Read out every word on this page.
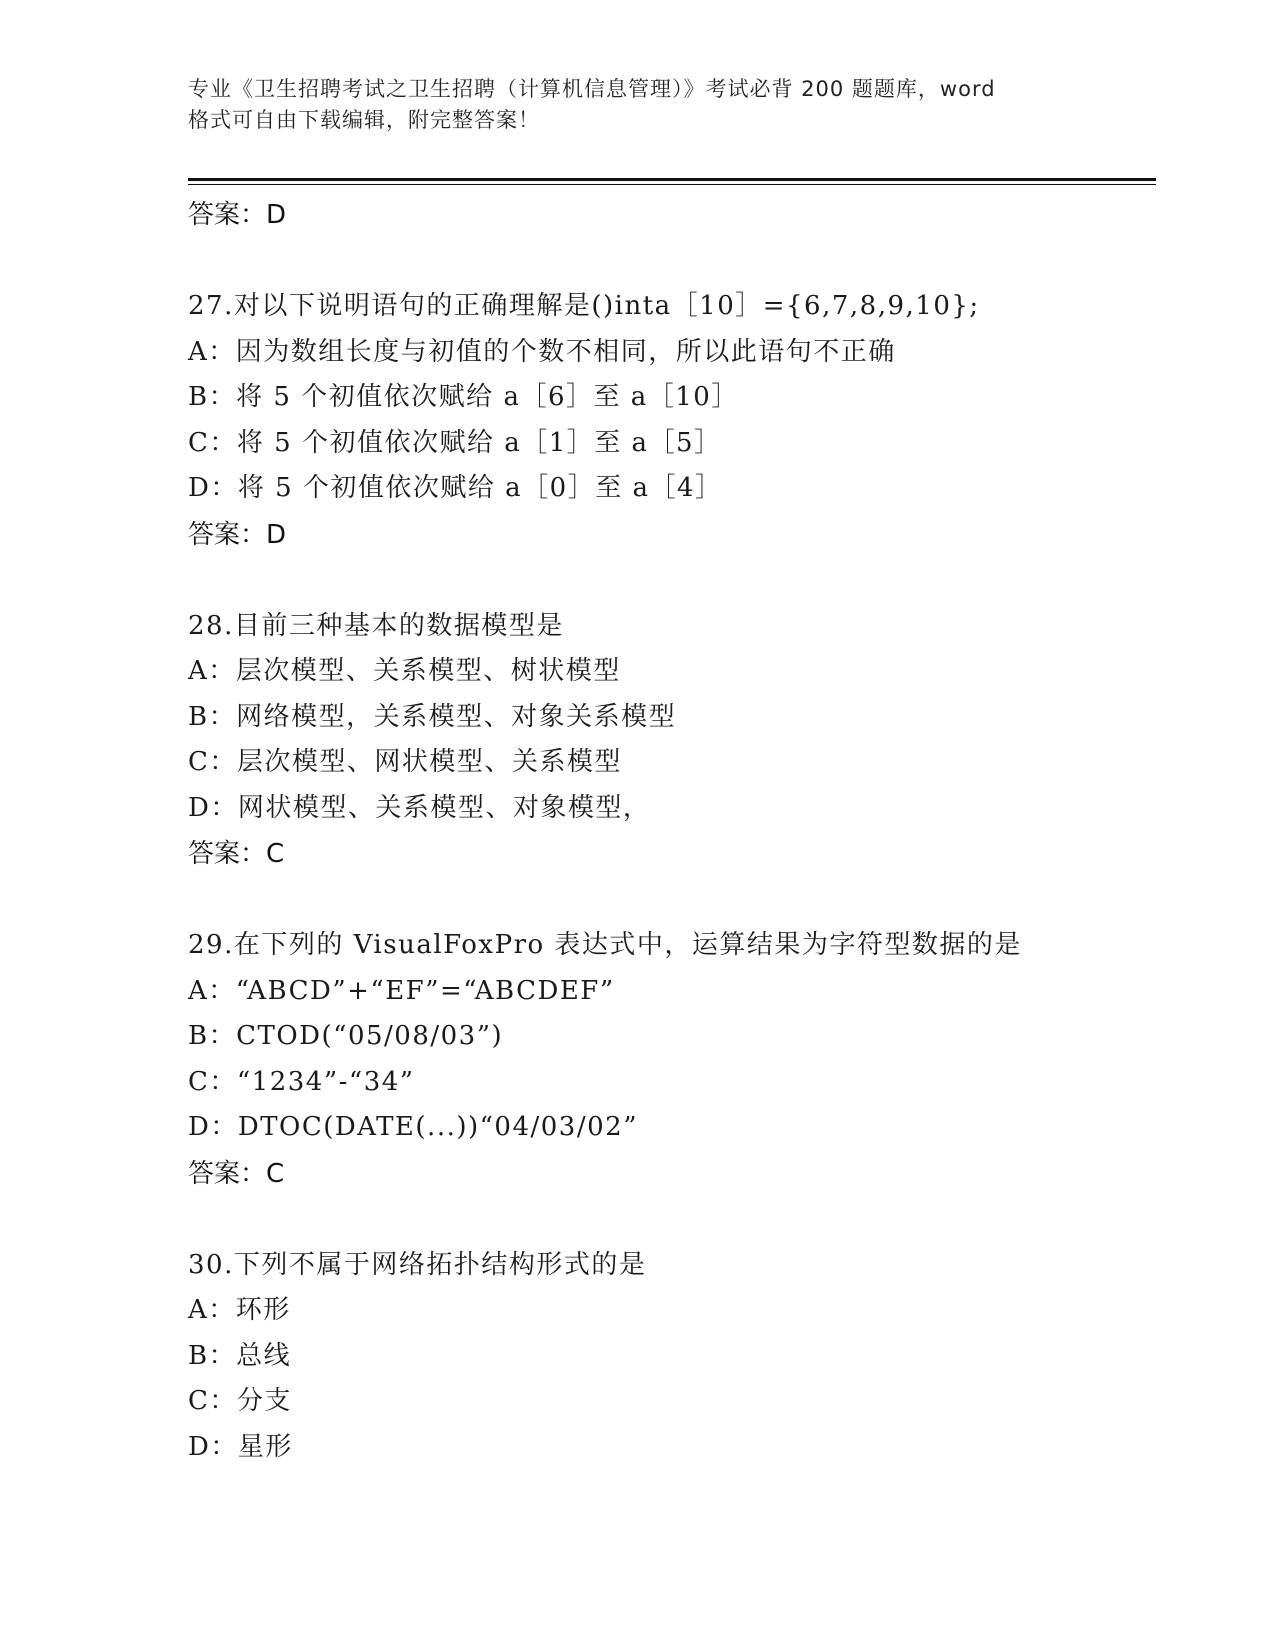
专业《卫生招聘考试之卫生招聘（计算机信息管理）》考试必背 200 题题库，word
格式可自由下载编辑，附完整答案！
答案：D
27.对以下说明语句的正确理解是()inta［10］={6,7,8,9,10};
A：因为数组长度与初值的个数不相同，所以此语句不正确
B：将 5 个初值依次赋给 a［6］至 a［10］
C：将 5 个初值依次赋给 a［1］至 a［5］
D：将 5 个初值依次赋给 a［0］至 a［4］
答案：D
28.目前三种基本的数据模型是
A：层次模型、关系模型、树状模型
B：网络模型，关系模型、对象关系模型
C：层次模型、网状模型、关系模型
D：网状模型、关系模型、对象模型，
答案：C
29.在下列的 VisualFoxPro 表达式中，运算结果为字符型数据的是
A：“ABCD”+“EF”=“ABCDEF”
B：CTOD(“05/08/03”)
C：“1234”-“34”
D：DTOC(DATE(...))“04/03/02”
答案：C
30.下列不属于网络拓扑结构形式的是
A：环形
B：总线
C：分支
D：星形
